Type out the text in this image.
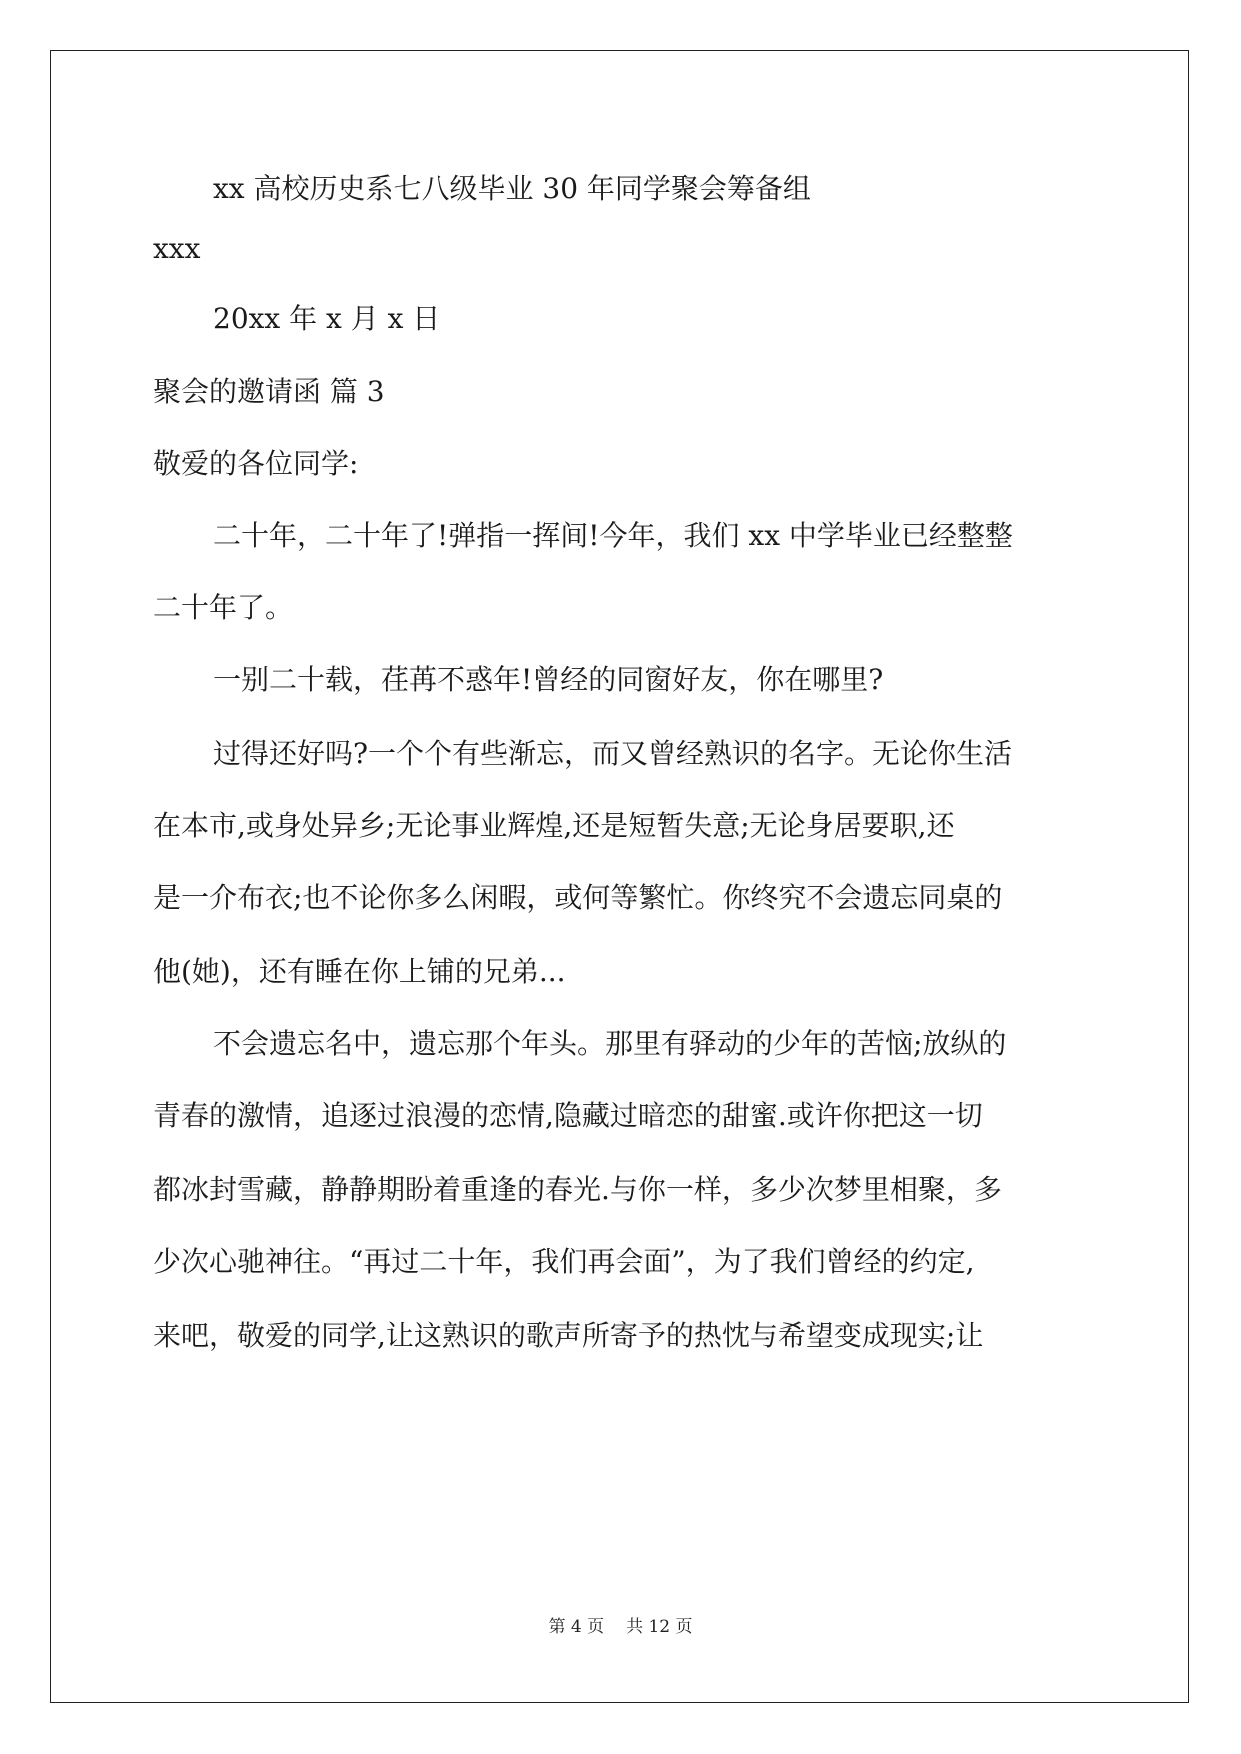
xx 高校历史系七八级毕业 30 年同学聚会筹备组
xxx
20xx 年 x 月 x 日
聚会的邀请函 篇 3
敬爱的各位同学:
二十年，二十年了!弹指一挥间!今年，我们 xx 中学毕业已经整整
二十年了。
一别二十载，荏苒不惑年!曾经的同窗好友，你在哪里?
过得还好吗?一个个有些渐忘，而又曾经熟识的名字。无论你生活
在本市,或身处异乡;无论事业辉煌,还是短暂失意;无论身居要职,还
是一介布衣;也不论你多么闲暇，或何等繁忙。你终究不会遗忘同桌的
他(她)，还有睡在你上铺的兄弟...
不会遗忘名中，遗忘那个年头。那里有驿动的少年的苦恼;放纵的
青春的激情，追逐过浪漫的恋情,隐藏过暗恋的甜蜜.或许你把这一切
都冰封雪藏，静静期盼着重逢的春光.与你一样，多少次梦里相聚，多
少次心驰神往。“再过二十年，我们再会面”，为了我们曾经的约定,
来吧，敬爱的同学,让这熟识的歌声所寄予的热忱与希望变成现实;让
第 4 页 共 12 页
